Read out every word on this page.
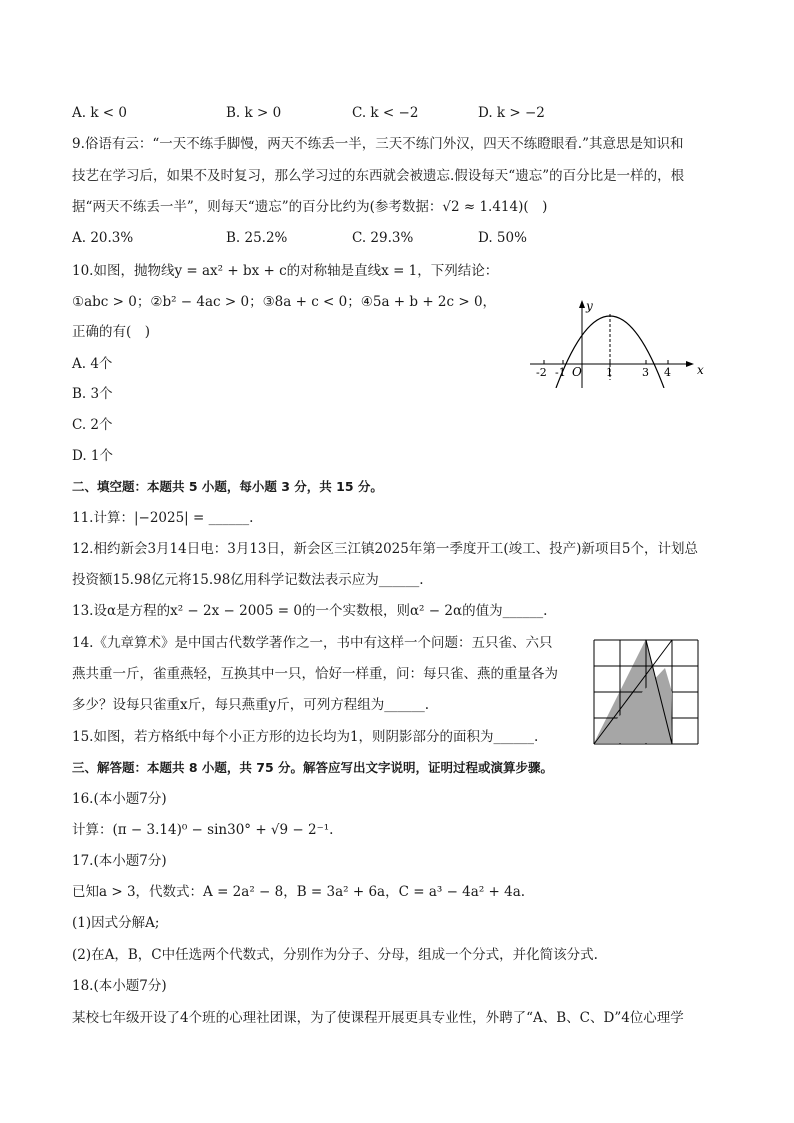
A. k < 0	B. k > 0	C. k < −2	D. k > −2
9.俗语有云：“一天不练手脚慢，两天不练丢一半，三天不练门外汉，四天不练瞪眼看.”其意思是知识和
技艺在学习后，如果不及时复习，那么学习过的东西就会被遗忘.假设每天“遗忘”的百分比是一样的，根
据“两天不练丢一半”，则每天“遗忘”的百分比约为(参考数据：√2 ≈ 1.414)(　)
A. 20.3%	B. 25.2%	C. 29.3%	D. 50%
10.如图，抛物线y = ax² + bx + c的对称轴是直线x = 1，下列结论：
①abc > 0；②b² − 4ac > 0；③8a + c < 0；④5a + b + 2c > 0，
正确的有(　)
A. 4个
B. 3个
C. 2个
D. 1个
y
x
O
-2 -1	1	3 4
二、填空题：本题共 5 小题，每小题 3 分，共 15 分。
11.计算：|−2025| = ______.
12.相约新会3月14日电：3月13日，新会区三江镇2025年第一季度开工(竣工、投产)新项目5个，计划总
投资额15.98亿元将15.98亿用科学记数法表示应为______.
13.设α是方程的x² − 2x − 2005 = 0的一个实数根，则α² − 2α的值为______.
14.《九章算术》是中国古代数学著作之一，书中有这样一个问题：五只雀、六只
燕共重一斤，雀重燕轻，互换其中一只，恰好一样重，问：每只雀、燕的重量各为
多少？设每只雀重x斤，每只燕重y斤，可列方程组为______.
15.如图，若方格纸中每个小正方形的边长均为1，则阴影部分的面积为______.
三、解答题：本题共 8 小题，共 75 分。解答应写出文字说明，证明过程或演算步骤。
16.(本小题7分)
计算：(π − 3.14)⁰ − sin30° + √9 − 2⁻¹.
17.(本小题7分)
已知a > 3，代数式：A = 2a² − 8，B = 3a² + 6a，C = a³ − 4a² + 4a.
(1)因式分解A;
(2)在A，B，C中任选两个代数式，分别作为分子、分母，组成一个分式，并化简该分式.
18.(本小题7分)
某校七年级开设了4个班的心理社团课，为了使课程开展更具专业性，外聘了“A、B、C、D”4位心理学
